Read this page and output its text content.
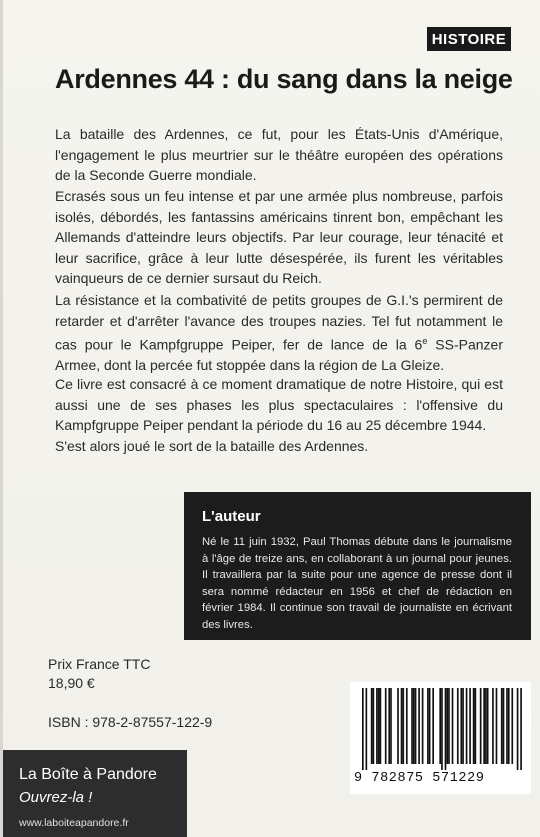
HISTOIRE
Ardennes 44 : du sang dans la neige

La bataille des Ardennes, ce fut, pour les États-Unis d'Amérique, l'engagement le plus meurtrier sur le théâtre européen des opérations de la Seconde Guerre mondiale.

Ecrasés sous un feu intense et par une armée plus nombreuse, parfois isolés, débordés, les fantassins américains tinrent bon, empêchant les Allemands d'atteindre leurs objectifs. Par leur courage, leur ténacité et leur sacrifice, grâce à leur lutte désespérée, ils furent les véritables vainqueurs de ce dernier sursaut du Reich.

La résistance et la combativité de petits groupes de G.I.'s permirent de retarder et d'arrêter l'avance des troupes nazies. Tel fut notamment le cas pour le Kampfgruppe Peiper, fer de lance de la 6e SS-Panzer Armee, dont la percée fut stoppée dans la région de La Gleize.

Ce livre est consacré à ce moment dramatique de notre Histoire, qui est aussi une de ses phases les plus spectaculaires : l'offensive du Kampfgruppe Peiper pendant la période du 16 au 25 décembre 1944.

S'est alors joué le sort de la bataille des Ardennes.

L'auteur

Né le 11 juin 1932, Paul Thomas débute dans le journalisme à l'âge de treize ans, en collaborant à un journal pour jeunes. Il travaillera par la suite pour une agence de presse dont il sera nommé rédacteur en 1956 et chef de rédaction en février 1984. Il continue son travail de journaliste en écrivant des livres.

Prix France TTC
18,90 €
ISBN : 978-2-87557-122-9
9 782875 571229
La Boîte à Pandore
Ouvrez-la !
www.laboiteapandore.fr
